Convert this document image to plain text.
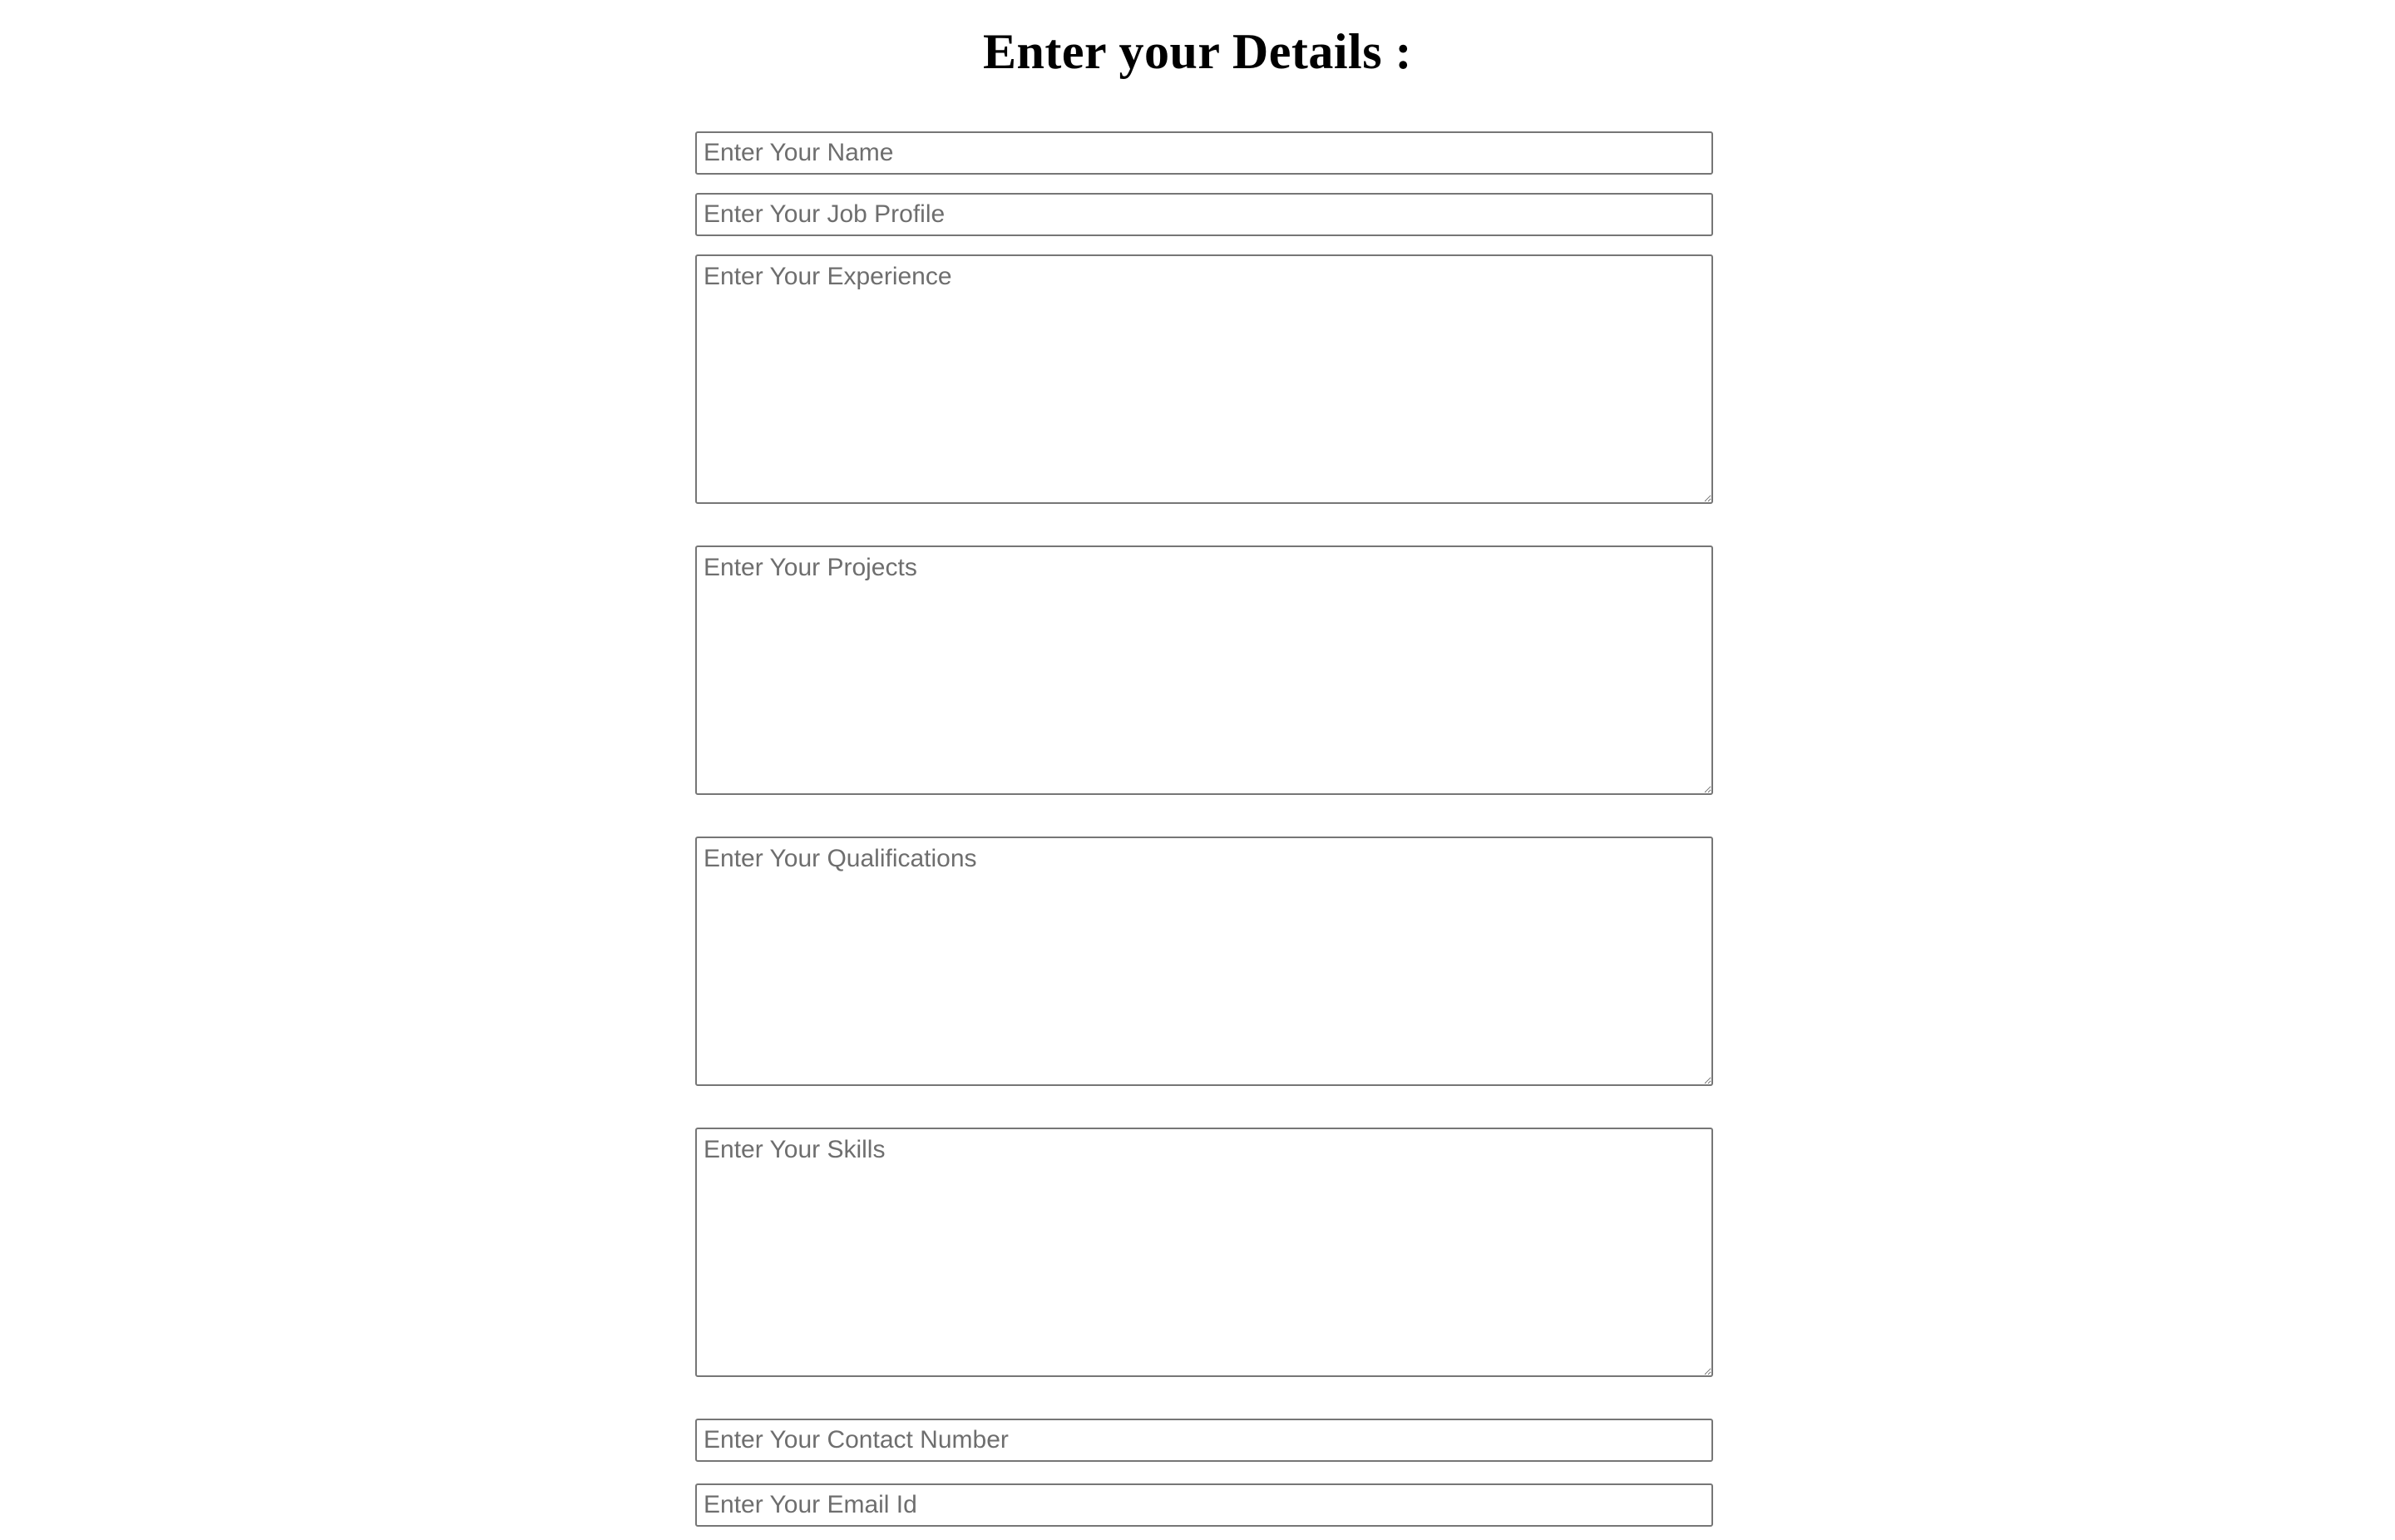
Enter your Details :
Enter Your Name
Enter Your Job Profile
Enter Your Experience
Enter Your Projects
Enter Your Qualifications
Enter Your Skills
Enter Your Contact Number
Enter Your Email Id
